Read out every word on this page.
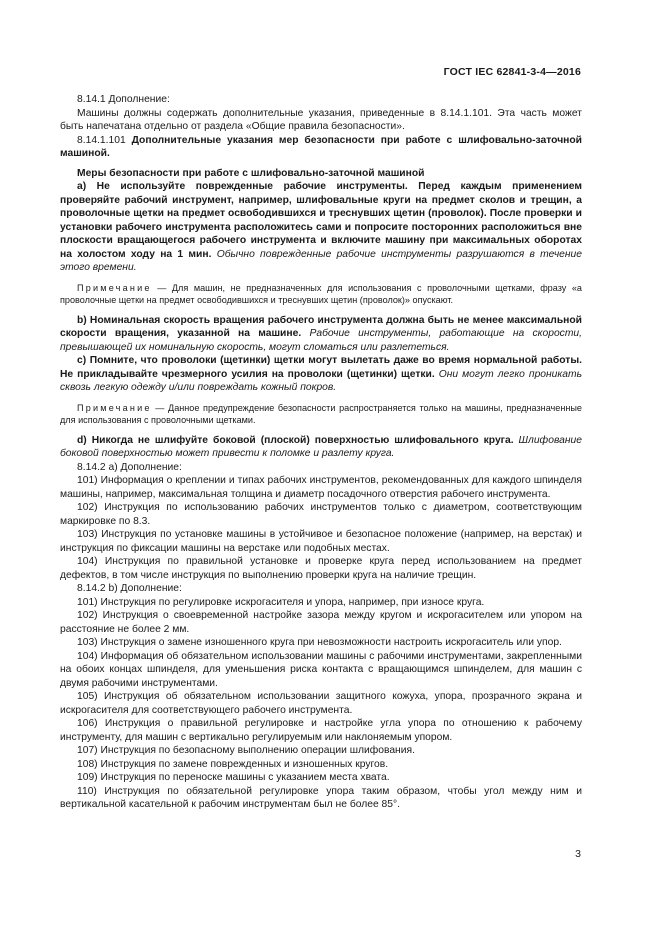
ГОСТ IEC 62841-3-4—2016

8.14.1 Дополнение:

Машины должны содержать дополнительные указания, приведенные в 8.14.1.101. Эта часть может быть напечатана отдельно от раздела «Общие правила безопасности».

8.14.1.101 Дополнительные указания мер безопасности при работе с шлифовально-заточной машиной.

Меры безопасности при работе с шлифовально-заточной машиной

a) Не используйте поврежденные рабочие инструменты. Перед каждым применением проверяйте рабочий инструмент, например, шлифовальные круги на предмет сколов и трещин, а проволочные щетки на предмет освободившихся и треснувших щетин (проволок). После проверки и установки рабочего инструмента расположитесь сами и попросите посторонних расположиться вне плоскости вращающегося рабочего инструмента и включите машину при максимальных оборотах на холостом ходу на 1 мин. Обычно поврежденные рабочие инструменты разрушаются в течение этого времени.

Примечание — Для машин, не предназначенных для использования с проволочными щетками, фразу «а проволочные щетки на предмет освободившихся и треснувших щетин (проволок)» опускают.

b) Номинальная скорость вращения рабочего инструмента должна быть не менее максимальной скорости вращения, указанной на машине. Рабочие инструменты, работающие на скорости, превышающей их номинальную скорость, могут сломаться или разлететься.

c) Помните, что проволоки (щетинки) щетки могут вылетать даже во время нормальной работы. Не прикладывайте чрезмерного усилия на проволоки (щетинки) щетки. Они могут легко проникать сквозь легкую одежду и/или повреждать кожный покров.

Примечание — Данное предупреждение безопасности распространяется только на машины, предназначенные для использования с проволочными щетками.

d) Никогда не шлифуйте боковой (плоской) поверхностью шлифовального круга. Шлифование боковой поверхностью может привести к поломке и разлету круга.

8.14.2 a) Дополнение:

101) Информация о креплении и типах рабочих инструментов, рекомендованных для каждого шпинделя машины, например, максимальная толщина и диаметр посадочного отверстия рабочего инструмента.

102) Инструкция по использованию рабочих инструментов только с диаметром, соответствующим маркировке по 8.3.

103) Инструкция по установке машины в устойчивое и безопасное положение (например, на верстак) и инструкция по фиксации машины на верстаке или подобных местах.

104) Инструкция по правильной установке и проверке круга перед использованием на предмет дефектов, в том числе инструкция по выполнению проверки круга на наличие трещин.

8.14.2 b) Дополнение:

101) Инструкция по регулировке искрогасителя и упора, например, при износе круга.

102) Инструкция о своевременной настройке зазора между кругом и искрогасителем или упором на расстояние не более 2 мм.

103) Инструкция о замене изношенного круга при невозможности настроить искрогаситель или упор.

104) Информация об обязательном использовании машины с рабочими инструментами, закрепленными на обоих концах шпинделя, для уменьшения риска контакта с вращающимся шпинделем, для машин с двумя рабочими инструментами.

105) Инструкция об обязательном использовании защитного кожуха, упора, прозрачного экрана и искрогасителя для соответствующего рабочего инструмента.

106) Инструкция о правильной регулировке и настройке угла упора по отношению к рабочему инструменту, для машин с вертикально регулируемым или наклоняемым упором.

107) Инструкция по безопасному выполнению операции шлифования.

108) Инструкция по замене поврежденных и изношенных кругов.

109) Инструкция по переноске машины с указанием места хвата.

110) Инструкция по обязательной регулировке упора таким образом, чтобы угол между ним и вертикальной касательной к рабочим инструментам был не более 85°.

3
